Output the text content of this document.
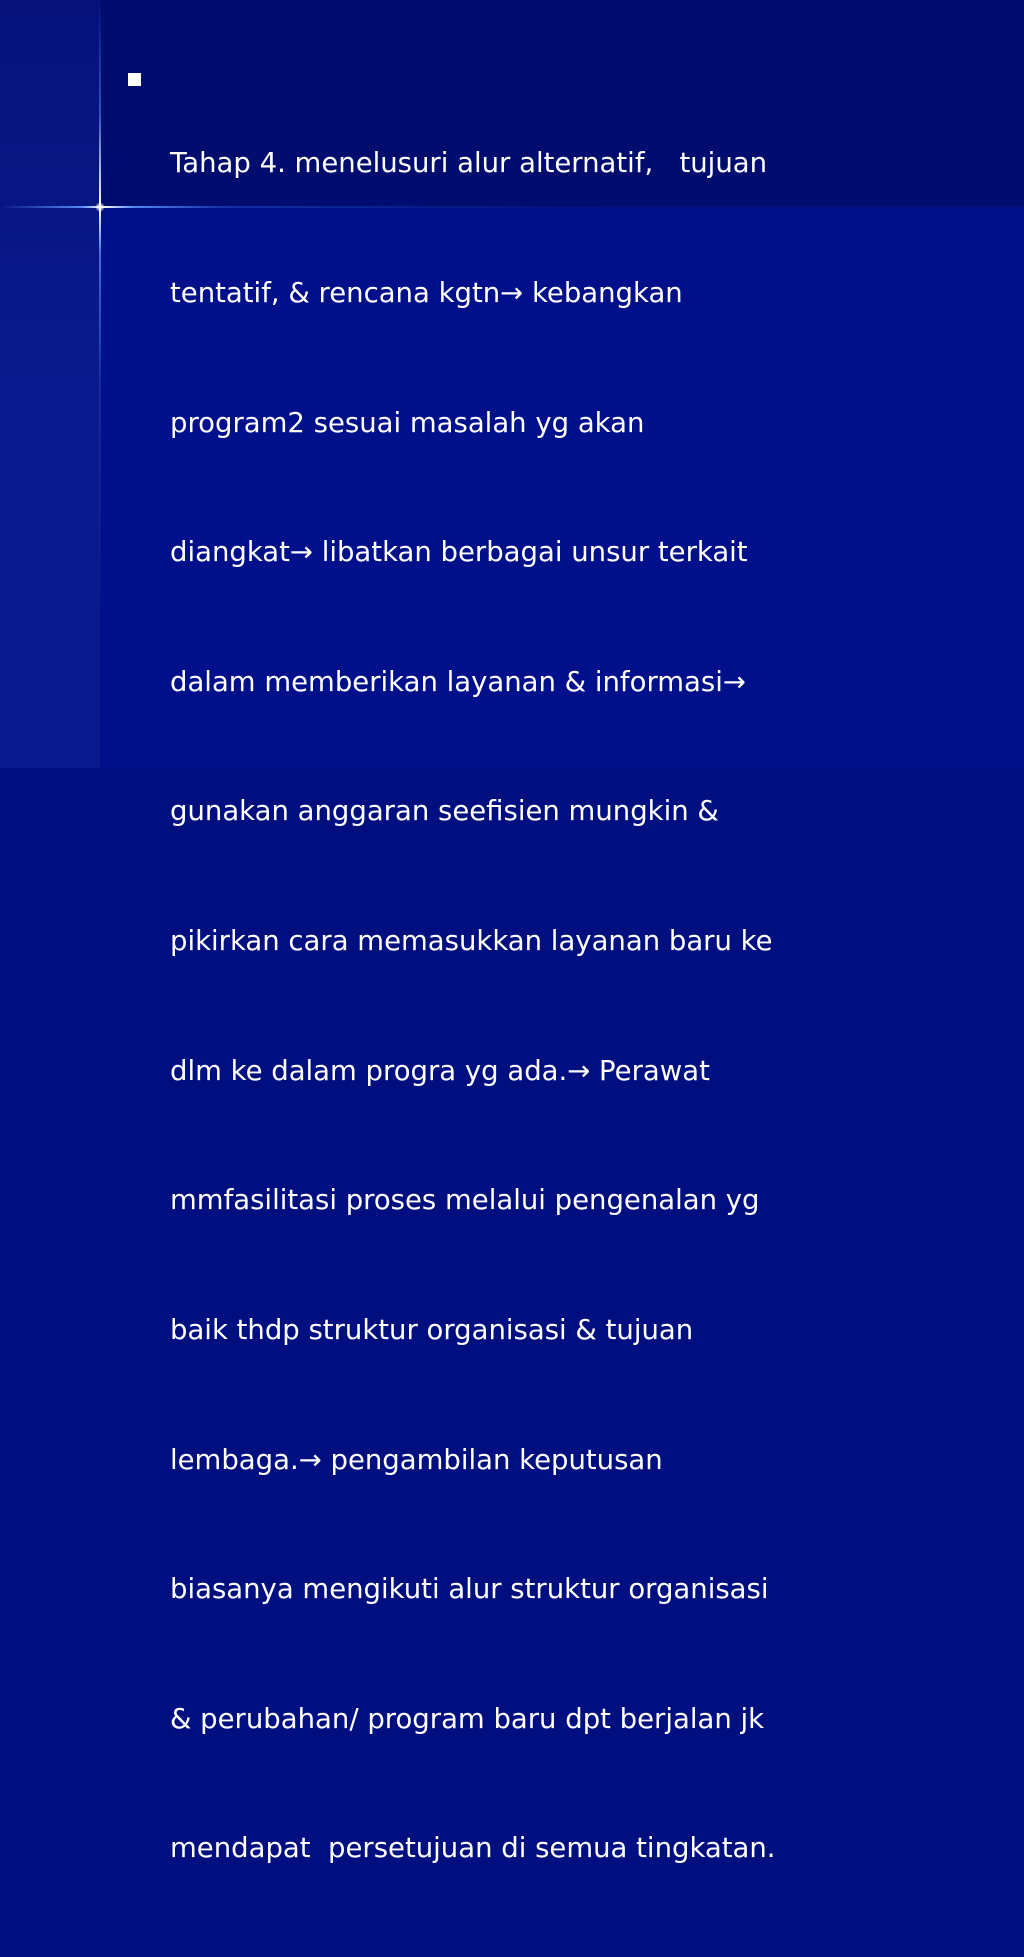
Tahap 4. menelusuri alur alternatif,   tujuan

tentatif, & rencana kgtn→ kebangkan

program2 sesuai masalah yg akan

diangkat→ libatkan berbagai unsur terkait

dalam memberikan layanan & informasi→

gunakan anggaran seefisien mungkin &

pikirkan cara memasukkan layanan baru ke

dlm ke dalam progra yg ada.→ Perawat

mmfasilitasi proses melalui pengenalan yg

baik thdp struktur organisasi & tujuan

lembaga.→ pengambilan keputusan

biasanya mengikuti alur struktur organisasi

& perubahan/ program baru dpt berjalan jk

mendapat  persetujuan di semua tingkatan.
